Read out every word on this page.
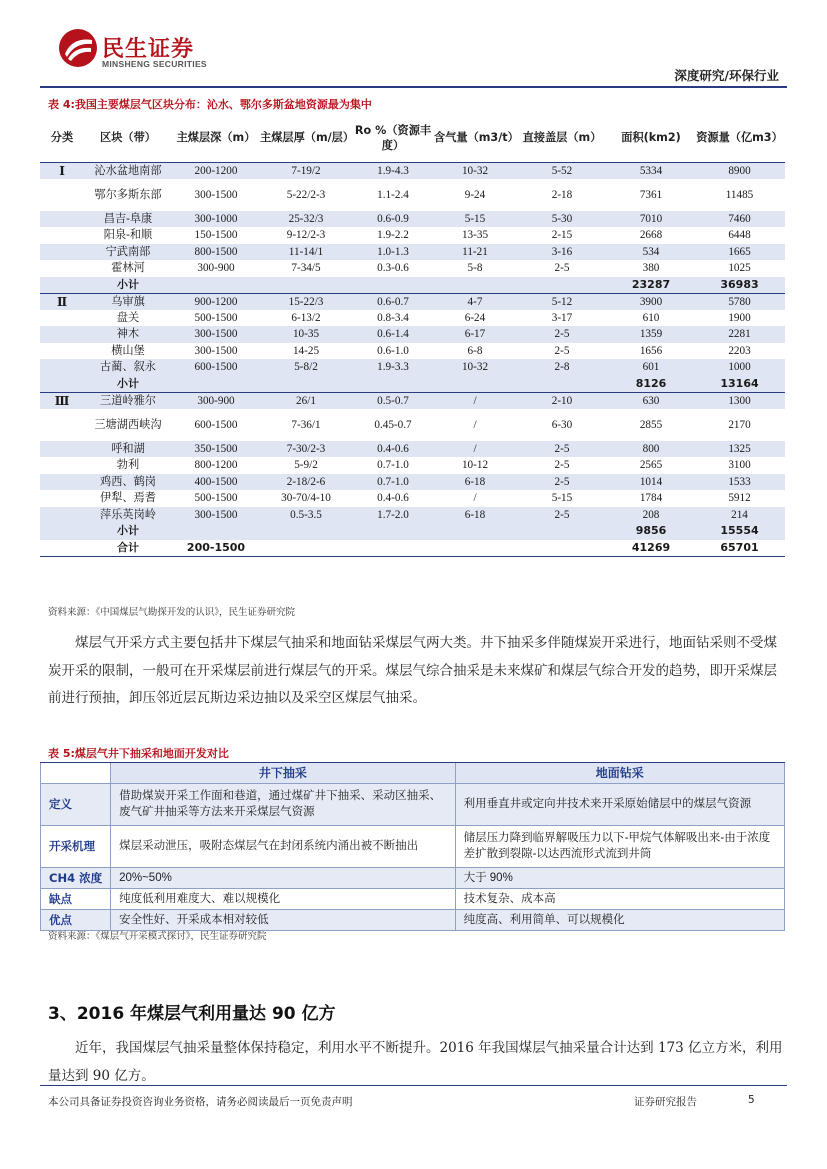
民生证券
MINSHENG SECURITIES
深度研究/环保行业
表 4:我国主要煤层气区块分布：沁水、鄂尔多斯盆地资源最为集中
分类	区块（带）	主煤层深（m）	主煤层厚（m/层）	Ro %（资源丰度）	含气量（m3/t）	直接盖层（m）	面积(km2)	资源量（亿m3）
Ⅰ	沁水盆地南部	200-1200	7-19/2	1.9-4.3	10-32	5-52	5334	8900
	鄂尔多斯东部	300-1500	5-22/2-3	1.1-2.4	9-24	2-18	7361	11485
	昌吉-阜康	300-1000	25-32/3	0.6-0.9	5-15	5-30	7010	7460
	阳泉-和顺	150-1500	9-12/2-3	1.9-2.2	13-35	2-15	2668	6448
	宁武南部	800-1500	11-14/1	1.0-1.3	11-21	3-16	534	1665
	霍林河	300-900	7-34/5	0.3-0.6	5-8	2-5	380	1025
	小计						23287	36983
Ⅱ	乌审旗	900-1200	15-22/3	0.6-0.7	4-7	5-12	3900	5780
	盘关	500-1500	6-13/2	0.8-3.4	6-24	3-17	610	1900
	神木	300-1500	10-35	0.6-1.4	6-17	2-5	1359	2281
	横山堡	300-1500	14-25	0.6-1.0	6-8	2-5	1656	2203
	古蔺、叙永	600-1500	5-8/2	1.9-3.3	10-32	2-8	601	1000
	小计						8126	13164
Ⅲ	三道岭雅尔	300-900	26/1	0.5-0.7	/	2-10	630	1300
	三塘湖西峡沟	600-1500	7-36/1	0.45-0.7	/	6-30	2855	2170
	呼和湖	350-1500	7-30/2-3	0.4-0.6	/	2-5	800	1325
	勃利	800-1200	5-9/2	0.7-1.0	10-12	2-5	2565	3100
	鸡西、鹤岗	400-1500	2-18/2-6	0.7-1.0	6-18	2-5	1014	1533
	伊犁、焉耆	500-1500	30-70/4-10	0.4-0.6	/	5-15	1784	5912
	萍乐英岗岭	300-1500	0.5-3.5	1.7-2.0	6-18	2-5	208	214
	小计						9856	15554
	合计	200-1500					41269	65701
资料来源：《中国煤层气勘探开发的认识》，民生证券研究院

煤层气开采方式主要包括井下煤层气抽采和地面钻采煤层气两大类。井下抽采多伴随煤炭开采进行，地面钻采则不受煤炭开采的限制，一般可在开采煤层前进行煤层气的开采。煤层气综合抽采是未来煤矿和煤层气综合开发的趋势，即开采煤层前进行预抽，卸压邻近层瓦斯边采边抽以及采空区煤层气抽采。

表 5:煤层气井下抽采和地面开发对比
	井下抽采	地面钻采
定义	借助煤炭开采工作面和巷道，通过煤矿井下抽采、采动区抽采、废气矿井抽采等方法来开采煤层气资源	利用垂直井或定向井技术来开采原始储层中的煤层气资源
开采机理	煤层采动泄压，吸附态煤层气在封闭系统内涌出被不断抽出	储层压力降到临界解吸压力以下-甲烷气体解吸出来-由于浓度差扩散到裂隙-以达西流形式流到井筒
CH4 浓度	20%~50%	大于 90%
缺点	纯度低利用难度大、难以规模化	技术复杂、成本高
优点	安全性好、开采成本相对较低	纯度高、利用简单、可以规模化
资料来源：《煤层气开采模式探讨》，民生证券研究院
3、2016 年煤层气利用量达 90 亿方

近年，我国煤层气抽采量整体保持稳定，利用水平不断提升。2016 年我国煤层气抽采量合计达到 173 亿立方米，利用量达到 90 亿方。

本公司具备证券投资咨询业务资格，请务必阅读最后一页免责声明	证券研究报告	5
